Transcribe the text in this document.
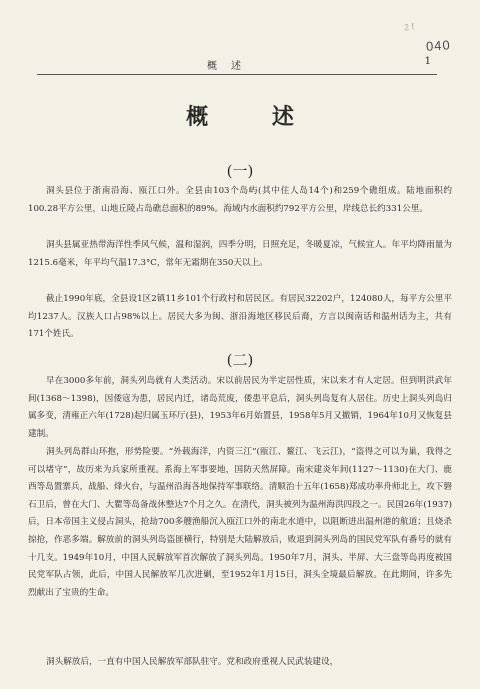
2 f
040
概述	1
概 述
(一)

洞头县位于浙南沿海、瓯江口外。全县由103个岛屿(其中住人岛14个)和259个礁组成。陆地面积约100.28平方公里，山地丘陵占岛礁总面积的89%。海域内水面积约792平方公里，岸线总长约331公里。

洞头县属亚热带海洋性季风气候，温和湿润，四季分明，日照充足，冬暖夏凉，气候宜人。年平均降雨量为1215.6毫米，年平均气温17.3°C，常年无霜期在350天以上。

截止1990年底，全县设1区2镇11乡101个行政村和居民区。有居民32202户，124080人，每平方公里平均1237人。汉族人口占98%以上。居民大多为闽、浙沿海地区移民后裔，方言以闽南话和温州话为主，共有171个姓氏。

(二)

早在3000多年前，洞头列岛就有人类活动。宋以前居民为半定居性质，宋以来才有人定居。但到明洪武年间(1368～1398)，因倭寇为患，居民内迁，诸岛荒废，倭患平息后，洞头列岛复有人居住。历史上洞头列岛归属多变，清雍正六年(1728)起归属玉环厅(县)，1953年6月始置县，1958年5月又撤销，1964年10月又恢复县建制。

洞头列岛群山环抱，形势险要。“外载海洋，内资三江”(瓯江、鳌江、飞云江)，“盗得之可以为巢，我得之可以堵守”，故历来为兵家所重视。系海上军事要地，国防天然屏障。南宋建炎年间(1127～1130)在大门、鹿西等岛置寨兵，战船、烽火台，与温州沿海各地保持军事联络。清顺治十五年(1658)郑成功率舟师北上，攻下磐石卫后，曾在大门、大瞿等岛备战休整达7个月之久。在清代，洞头被列为温州海洪四段之一。民国26年(1937)后，日本帝国主义侵占洞头，抢劫700多艘渔船沉入瓯江口外的南北水道中，以阻断进出温州港的航道；且烧杀掠抢，作恶多端。解放前的洞头列岛盗匪横行，特别是大陆解放后，败退到洞头列岛的国民党军队有番号的就有十几支。1949年10月，中国人民解放军首次解放了洞头列岛。1950年7月，洞头、半屏、大三盘等岛再度被国民党军队占领，此后，中国人民解放军几次进剿，至1952年1月15日，洞头全境最后解放。在此期间，许多先烈献出了宝贵的生命。

洞头解放后，一直有中国人民解放军部队驻守。党和政府重视人民武装建设，
